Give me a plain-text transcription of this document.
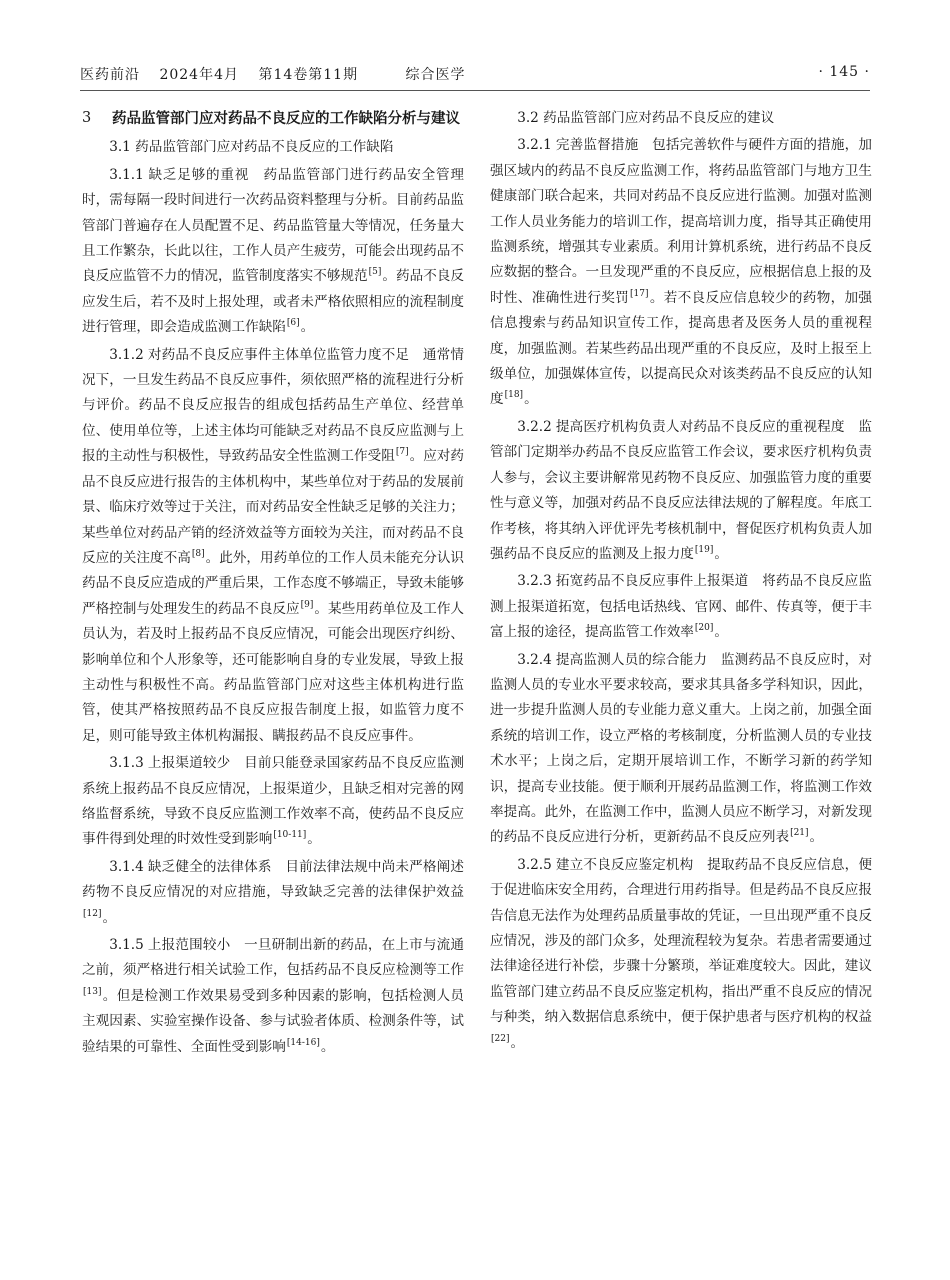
医药前沿 2024年4月 第14卷第11期	综合医学	· 145 ·
3	药品监管部门应对药品不良反应的工作缺陷分析与建议
3.1 药品监管部门应对药品不良反应的工作缺陷

3.1.1 缺乏足够的重视 药品监管部门进行药品安全管理时，需每隔一段时间进行一次药品资料整理与分析。目前药品监管部门普遍存在人员配置不足、药品监管量大等情况，任务量大且工作繁杂，长此以往，工作人员产生疲劳，可能会出现药品不良反应监管不力的情况，监管制度落实不够规范[5]。药品不良反应发生后，若不及时上报处理，或者未严格依照相应的流程制度进行管理，即会造成监测工作缺陷[6]。

3.1.2 对药品不良反应事件主体单位监管力度不足 通常情况下，一旦发生药品不良反应事件，须依照严格的流程进行分析与评价。药品不良反应报告的组成包括药品生产单位、经营单位、使用单位等，上述主体均可能缺乏对药品不良反应监测与上报的主动性与积极性，导致药品安全性监测工作受阻[7]。应对药品不良反应进行报告的主体机构中，某些单位对于药品的发展前景、临床疗效等过于关注，而对药品安全性缺乏足够的关注力；某些单位对药品产销的经济效益等方面较为关注，而对药品不良反应的关注度不高[8]。此外，用药单位的工作人员未能充分认识药品不良反应造成的严重后果，工作态度不够端正，导致未能够严格控制与处理发生的药品不良反应[9]。某些用药单位及工作人员认为，若及时上报药品不良反应情况，可能会出现医疗纠纷、影响单位和个人形象等，还可能影响自身的专业发展，导致上报主动性与积极性不高。药品监管部门应对这些主体机构进行监管，使其严格按照药品不良反应报告制度上报，如监管力度不足，则可能导致主体机构漏报、瞒报药品不良反应事件。

3.1.3 上报渠道较少 目前只能登录国家药品不良反应监测系统上报药品不良反应情况，上报渠道少，且缺乏相对完善的网络监督系统，导致不良反应监测工作效率不高，使药品不良反应事件得到处理的时效性受到影响[10-11]。

3.1.4 缺乏健全的法律体系 目前法律法规中尚未严格阐述药物不良反应情况的对应措施，导致缺乏完善的法律保护效益[12]。

3.1.5 上报范围较小 一旦研制出新的药品，在上市与流通之前，须严格进行相关试验工作，包括药品不良反应检测等工作[13]。但是检测工作效果易受到多种因素的影响，包括检测人员主观因素、实验室操作设备、参与试验者体质、检测条件等，试验结果的可靠性、全面性受到影响[14-16]。

3.2 药品监管部门应对药品不良反应的建议

3.2.1 完善监督措施 包括完善软件与硬件方面的措施，加强区域内的药品不良反应监测工作，将药品监管部门与地方卫生健康部门联合起来，共同对药品不良反应进行监测。加强对监测工作人员业务能力的培训工作，提高培训力度，指导其正确使用监测系统，增强其专业素质。利用计算机系统，进行药品不良反应数据的整合。一旦发现严重的不良反应，应根据信息上报的及时性、准确性进行奖罚[17]。若不良反应信息较少的药物，加强信息搜索与药品知识宣传工作，提高患者及医务人员的重视程度，加强监测。若某些药品出现严重的不良反应，及时上报至上级单位，加强媒体宣传，以提高民众对该类药品不良反应的认知度[18]。

3.2.2 提高医疗机构负责人对药品不良反应的重视程度 监管部门定期举办药品不良反应监管工作会议，要求医疗机构负责人参与，会议主要讲解常见药物不良反应、加强监管力度的重要性与意义等，加强对药品不良反应法律法规的了解程度。年底工作考核，将其纳入评优评先考核机制中，督促医疗机构负责人加强药品不良反应的监测及上报力度[19]。

3.2.3 拓宽药品不良反应事件上报渠道 将药品不良反应监测上报渠道拓宽，包括电话热线、官网、邮件、传真等，便于丰富上报的途径，提高监管工作效率[20]。

3.2.4 提高监测人员的综合能力 监测药品不良反应时，对监测人员的专业水平要求较高，要求其具备多学科知识，因此，进一步提升监测人员的专业能力意义重大。上岗之前，加强全面系统的培训工作，设立严格的考核制度，分析监测人员的专业技术水平；上岗之后，定期开展培训工作，不断学习新的药学知识，提高专业技能。便于顺利开展药品监测工作，将监测工作效率提高。此外，在监测工作中，监测人员应不断学习，对新发现的药品不良反应进行分析，更新药品不良反应列表[21]。

3.2.5 建立不良反应鉴定机构 提取药品不良反应信息，便于促进临床安全用药，合理进行用药指导。但是药品不良反应报告信息无法作为处理药品质量事故的凭证，一旦出现严重不良反应情况，涉及的部门众多，处理流程较为复杂。若患者需要通过法律途径进行补偿，步骤十分繁琐，举证难度较大。因此，建议监管部门建立药品不良反应鉴定机构，指出严重不良反应的情况与种类，纳入数据信息系统中，便于保护患者与医疗机构的权益[22]。
